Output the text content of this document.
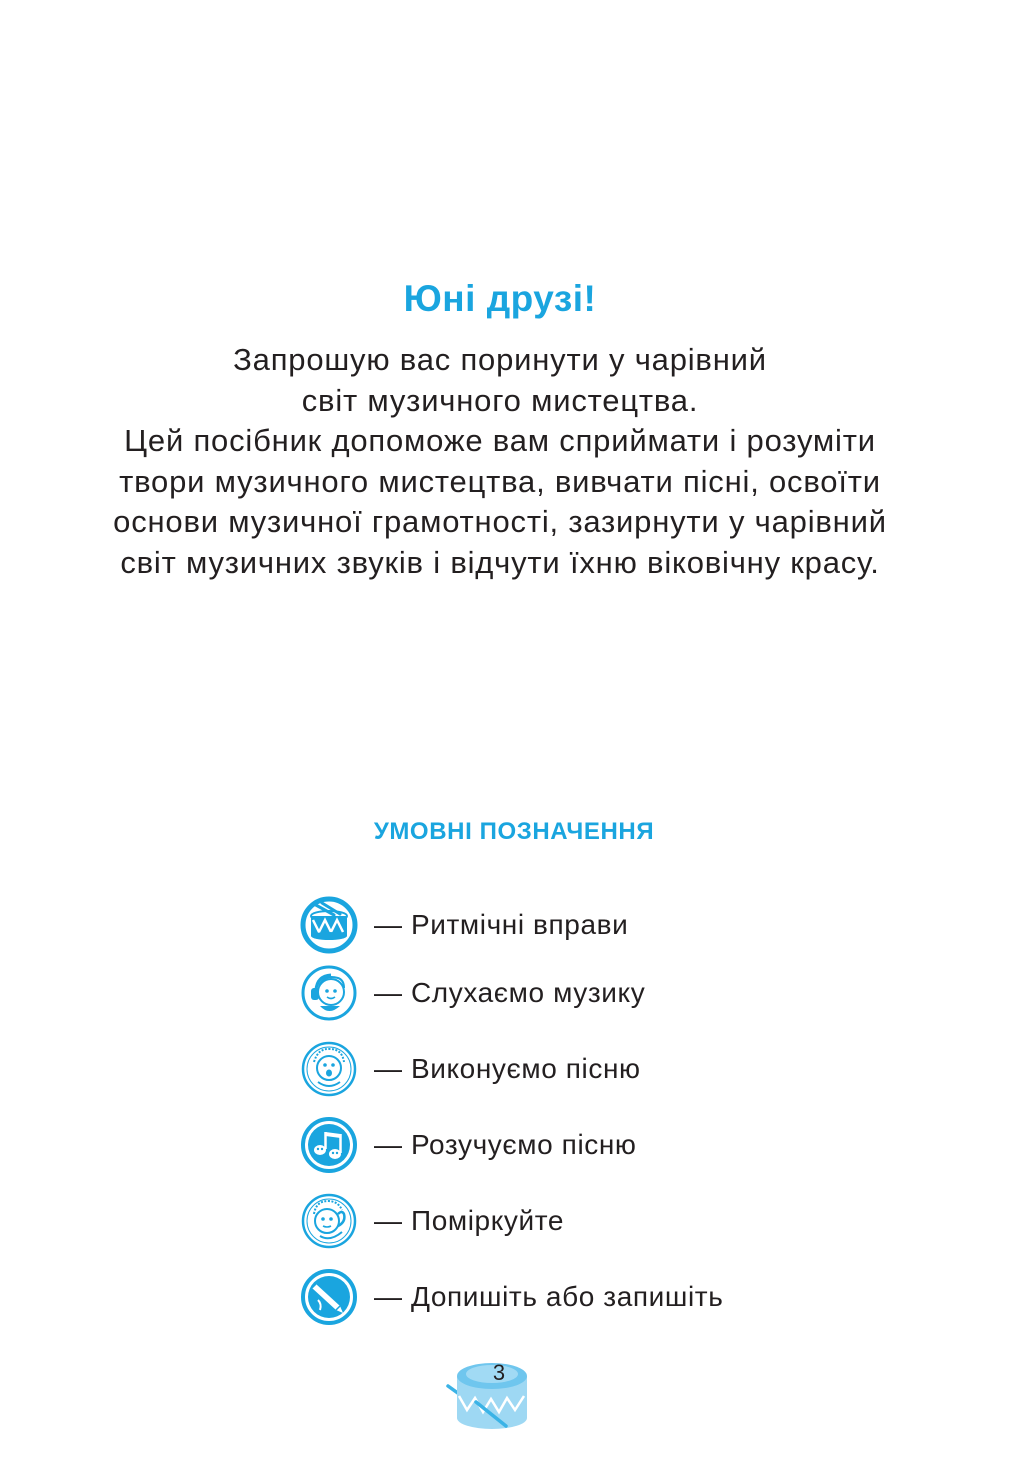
Юні друзі!
Запрошую вас поринути у чарівний
світ музичного мистецтва.
Цей посібник допоможе вам сприймати і розуміти
твори музичного мистецтва, вивчати пісні, освоїти
основи музичної грамотності, зазирнути у чарівний
світ музичних звуків і відчути їхню віковічну красу.
УМОВНІ ПОЗНАЧЕННЯ
— Ритмічні вправи
— Слухаємо музику
— Виконуємо пісню
— Розучуємо пісню
— Поміркуйте
— Допишіть або запишіть
3
